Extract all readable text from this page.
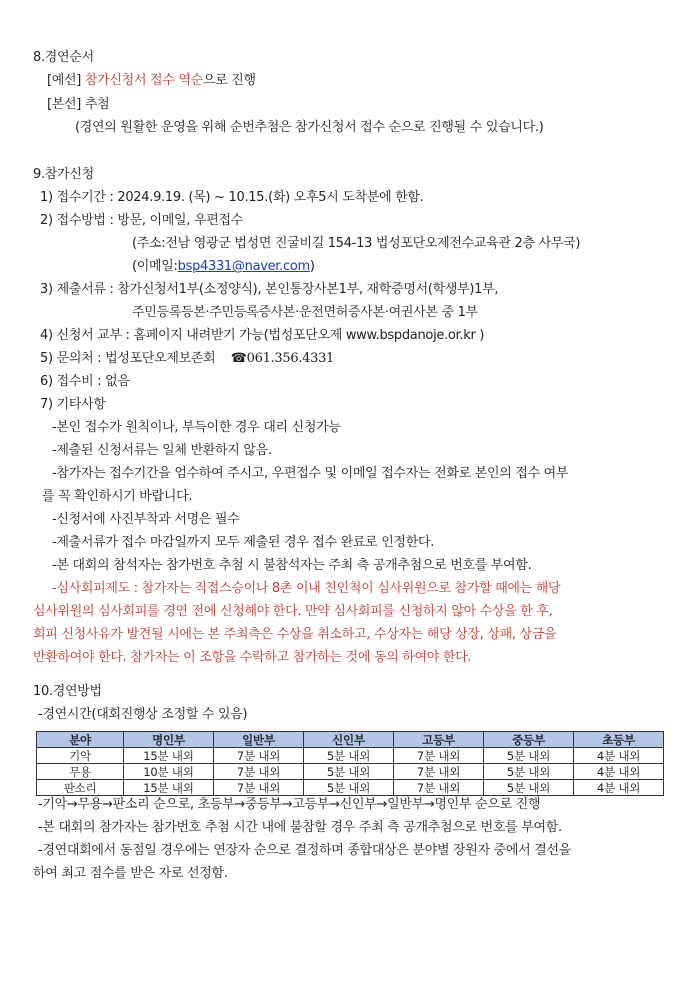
8.경연순서
[예선] 참가신청서 접수 역순으로 진행
[본선] 추첨
(경연의 원활한 운영을 위해 순번추첨은 참가신청서 접수 순으로 진행될 수 있습니다.)
9.참가신청
1) 접수기간 : 2024.9.19. (목) ~ 10.15.(화) 오후5시 도착분에 한함.
2) 접수방법 : 방문, 이메일, 우편접수
(주소:전남 영광군 법성면 진굴비길 154-13 법성포단오제전수교육관 2층 사무국)
(이메일:bsp4331@naver.com)
3) 제출서류 : 참가신청서1부(소정양식), 본인통장사본1부, 재학증명서(학생부)1부,
주민등록등본·주민등록증사본·운전면허증사본·여권사본 중 1부
4) 신청서 교부 : 홈페이지 내려받기 가능(법성포단오제 www.bspdanoje.or.kr )
5) 문의처 : 법성포단오제보존회 ☎061.356.4331
6) 접수비 : 없음
7) 기타사항
-본인 접수가 원칙이나, 부득이한 경우 대리 신청가능
-제출된 신청서류는 일체 반환하지 않음.
-참가자는 접수기간을 엄수하여 주시고, 우편접수 및 이메일 접수자는 전화로 본인의 접수 여부
를 꼭 확인하시기 바랍니다.
-신청서에 사진부착과 서명은 필수
-제출서류가 접수 마감일까지 모두 제출된 경우 접수 완료로 인정한다.
-본 대회의 참석자는 참가번호 추첨 시 불참석자는 주최 측 공개추첨으로 번호를 부여함.
-심사회피제도 : 참가자는 직접스승이나 8촌 이내 친인척이 심사위원으로 참가할 때에는 해당
심사위원의 심사회피를 경연 전에 신청해야 한다. 만약 심사회피를 신청하지 않아 수상을 한 후,
회피 신청사유가 발견될 시에는 본 주최측은 수상을 취소하고, 수상자는 해당 상장, 상패, 상금을
반환하여야 한다. 참가자는 이 조항을 수락하고 참가하는 것에 동의 하여야 한다.
10.경연방법
-경연시간(대회진행상 조정할 수 있음)
분야	명인부	일반부	신인부	고등부	중등부	초등부
기악	15분 내외	7분 내외	5분 내외	7분 내외	5분 내외	4분 내외
무용	10분 내외	7분 내외	5분 내외	7분 내외	5분 내외	4분 내외
판소리	15분 내외	7분 내외	5분 내외	7분 내외	5분 내외	4분 내외
-기악→무용→판소리 순으로, 초등부→중등부→고등부→신인부→일반부→명인부 순으로 진행
-본 대회의 참가자는 참가번호 추첨 시간 내에 불참할 경우 주최 측 공개추첨으로 번호를 부여함.
-경연대회에서 동점일 경우에는 연장자 순으로 결정하며 종합대상은 분야별 장원자 중에서 결선을
하여 최고 점수를 받은 자로 선정함.
